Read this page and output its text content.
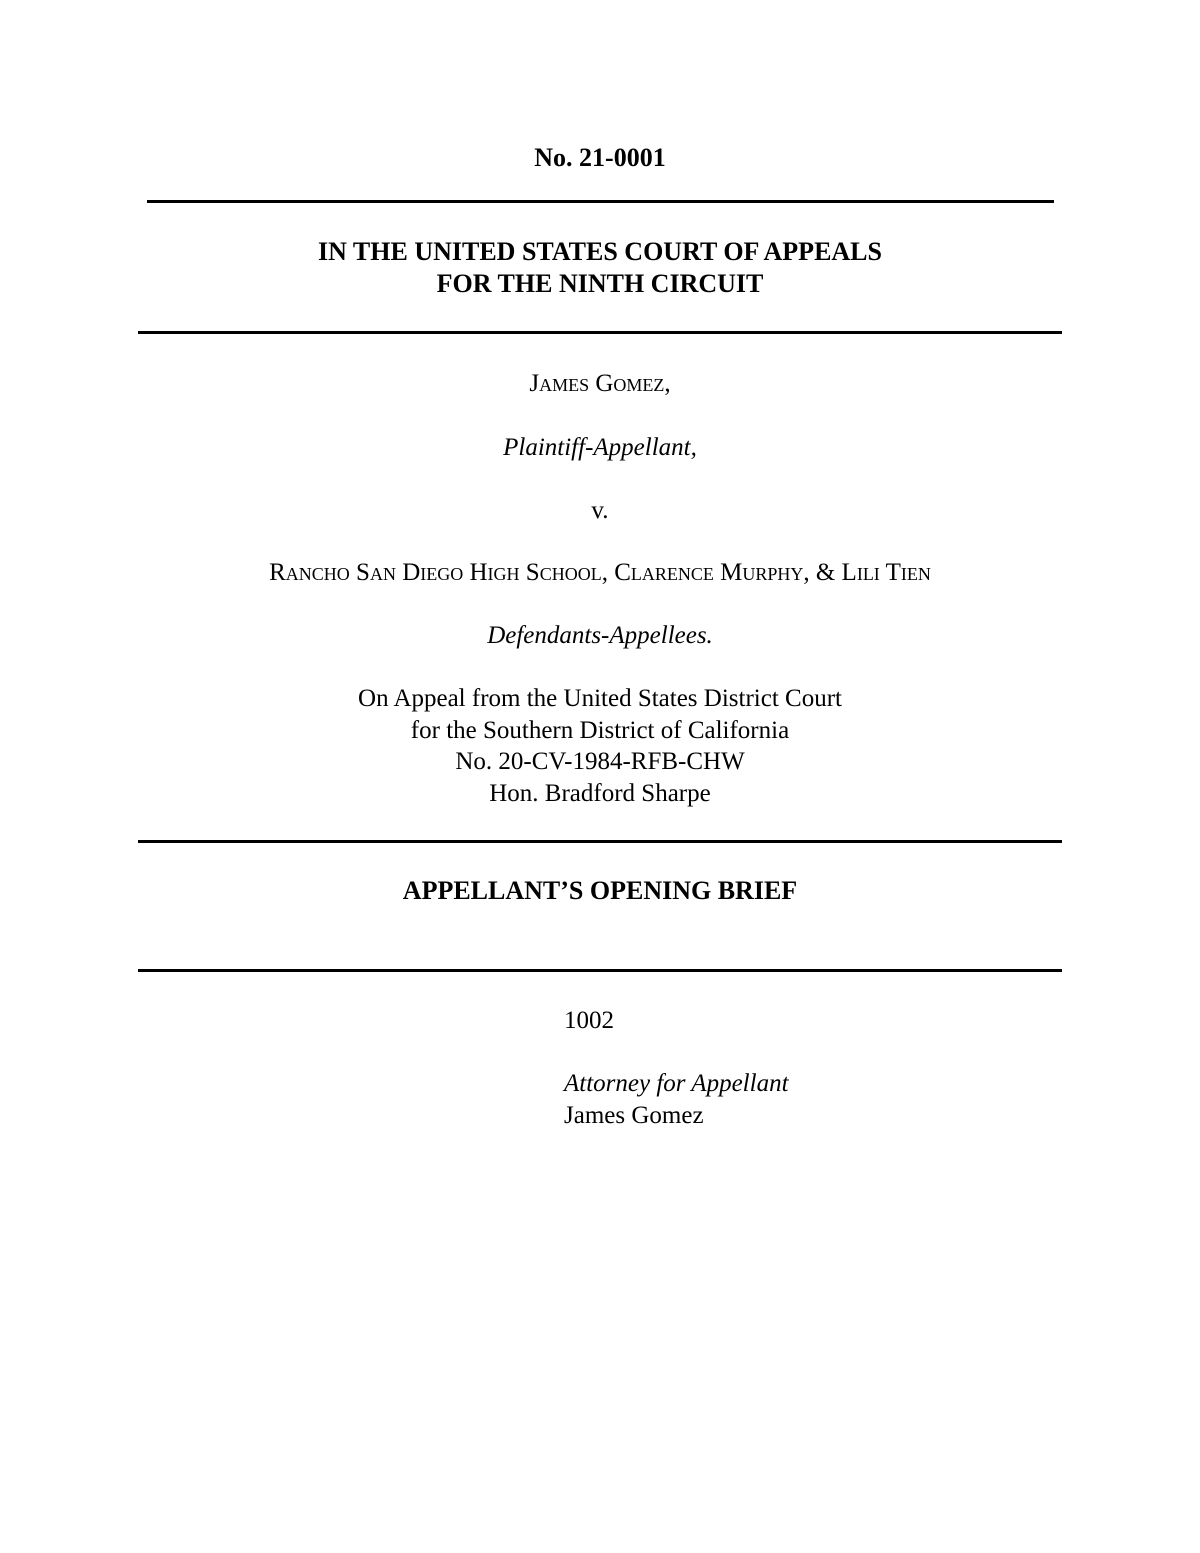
No. 21-0001
IN THE UNITED STATES COURT OF APPEALS
FOR THE NINTH CIRCUIT
James Gomez,
Plaintiff-Appellant,
v.
Rancho San Diego High School, Clarence Murphy, & Lili Tien
Defendants-Appellees.
On Appeal from the United States District Court
for the Southern District of California
No. 20-CV-1984-RFB-CHW
Hon. Bradford Sharpe
APPELLANT’S OPENING BRIEF
1002
Attorney for Appellant
James Gomez
